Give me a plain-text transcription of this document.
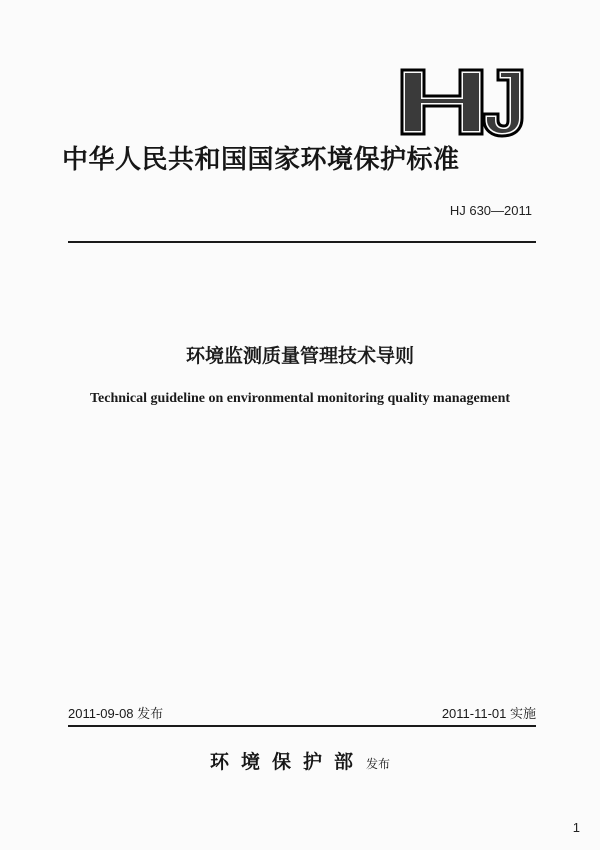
中华人民共和国国家环境保护标准
HJ 630—2011
环境监测质量管理技术导则
Technical guideline on environmental monitoring quality management
2011-09-08 发布	2011-11-01 实施
环境保护部 发布
1
